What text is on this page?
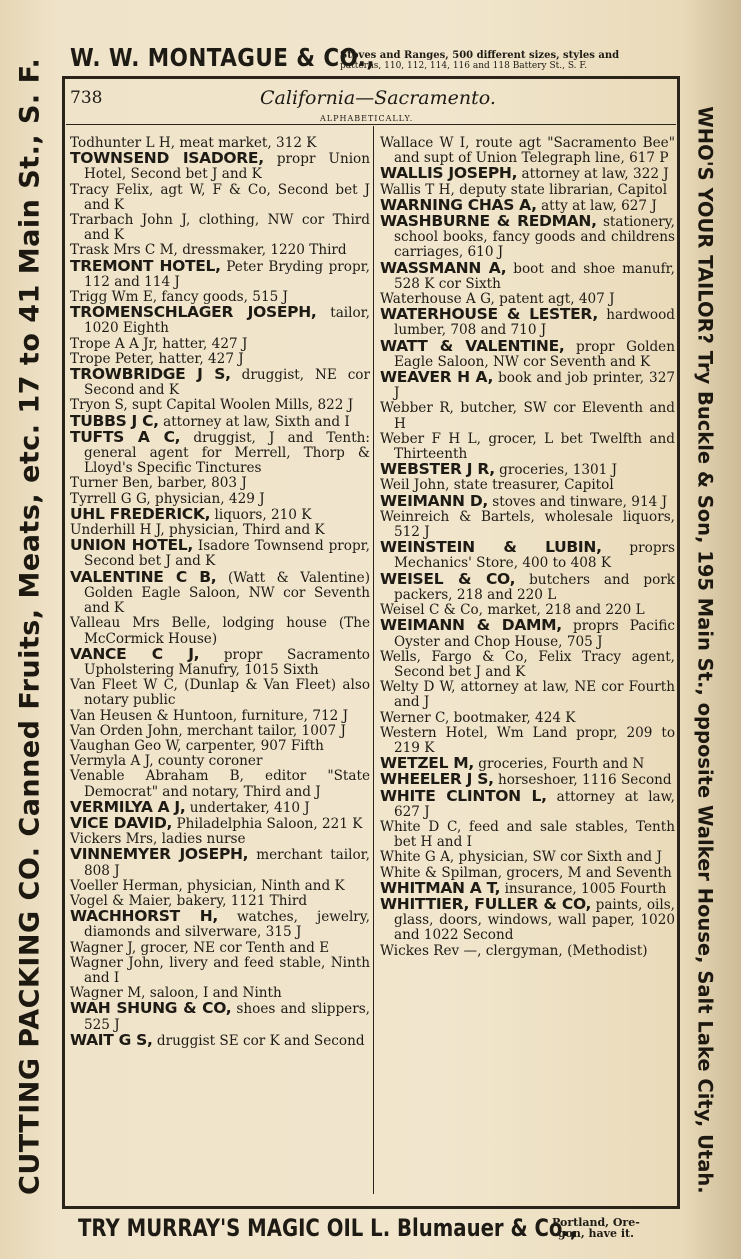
W. W. MONTAGUE & CO.,
Stoves and Ranges, 500 different sizes, styles and
patterns, 110, 112, 114, 116 and 118 Battery St., S. F.
738	California—Sacramento.
ALPHABETICALLY.

Todhunter L H, meat market, 312 K

TOWNSEND ISADORE, propr Union Hotel, Second bet J and K

Tracy Felix, agt W, F & Co, Second bet J and K

Trarbach John J, clothing, NW cor Third and K

Trask Mrs C M, dressmaker, 1220 Third

TREMONT HOTEL, Peter Bryding propr, 112 and 114 J

Trigg Wm E, fancy goods, 515 J

TROMENSCHLAGER JOSEPH, tailor, 1020 Eighth

Trope A A Jr, hatter, 427 J

Trope Peter, hatter, 427 J

TROWBRIDGE J S, druggist, NE cor Second and K

Tryon S, supt Capital Woolen Mills, 822 J

TUBBS J C, attorney at law, Sixth and I

TUFTS A C, druggist, J and Tenth: general agent for Merrell, Thorp & Lloyd's Specific Tinctures

Turner Ben, barber, 803 J

Tyrrell G G, physician, 429 J

UHL FREDERICK, liquors, 210 K

Underhill H J, physician, Third and K

UNION HOTEL, Isadore Townsend propr, Second bet J and K

VALENTINE C B, (Watt & Valentine) Golden Eagle Saloon, NW cor Seventh and K

Valleau Mrs Belle, lodging house (The McCormick House)

VANCE C J, propr Sacramento Upholstering Manufry, 1015 Sixth

Van Fleet W C, (Dunlap & Van Fleet) also notary public

Van Heusen & Huntoon, furniture, 712 J

Van Orden John, merchant tailor, 1007 J

Vaughan Geo W, carpenter, 907 Fifth

Vermyla A J, county coroner

Venable Abraham B, editor "State Democrat" and notary, Third and J

VERMILYA A J, undertaker, 410 J

VICE DAVID, Philadelphia Saloon, 221 K

Vickers Mrs, ladies nurse

VINNEMYER JOSEPH, merchant tailor, 808 J

Voeller Herman, physician, Ninth and K

Vogel & Maier, bakery, 1121 Third

WACHHORST H, watches, jewelry, diamonds and silverware, 315 J

Wagner J, grocer, NE cor Tenth and E

Wagner John, livery and feed stable, Ninth and I

Wagner M, saloon, I and Ninth

WAH SHUNG & CO, shoes and slippers, 525 J

WAIT G S, druggist SE cor K and Second

Wallace W I, route agt "Sacramento Bee" and supt of Union Telegraph line, 617 P

WALLIS JOSEPH, attorney at law, 322 J

Wallis T H, deputy state librarian, Capitol

WARNING CHAS A, atty at law, 627 J

WASHBURNE & REDMAN, stationery, school books, fancy goods and childrens carriages, 610 J

WASSMANN A, boot and shoe manufr, 528 K cor Sixth

Waterhouse A G, patent agt, 407 J

WATERHOUSE & LESTER, hardwood lumber, 708 and 710 J

WATT & VALENTINE, propr Golden Eagle Saloon, NW cor Seventh and K

WEAVER H A, book and job printer, 327 J

Webber R, butcher, SW cor Eleventh and H

Weber F H L, grocer, L bet Twelfth and Thirteenth

WEBSTER J R, groceries, 1301 J

Weil John, state treasurer, Capitol

WEIMANN D, stoves and tinware, 914 J

Weinreich & Bartels, wholesale liquors, 512 J

WEINSTEIN & LUBIN, proprs Mechanics' Store, 400 to 408 K

WEISEL & CO, butchers and pork packers, 218 and 220 L

Weisel C & Co, market, 218 and 220 L

WEIMANN & DAMM, proprs Pacific Oyster and Chop House, 705 J

Wells, Fargo & Co, Felix Tracy agent, Second bet J and K

Welty D W, attorney at law, NE cor Fourth and J

Werner C, bootmaker, 424 K

Western Hotel, Wm Land propr, 209 to 219 K

WETZEL M, groceries, Fourth and N

WHEELER J S, horseshoer, 1116 Second

WHITE CLINTON L, attorney at law, 627 J

White D C, feed and sale stables, Tenth bet H and I

White G A, physician, SW cor Sixth and J

White & Spilman, grocers, M and Seventh

WHITMAN A T, insurance, 1005 Fourth

WHITTIER, FULLER & CO, paints, oils, glass, doors, windows, wall paper, 1020 and 1022 Second

Wickes Rev —, clergyman, (Methodist)

CUTTING PACKING CO. Canned Fruits, Meats, etc. 17 to 41 Main St., S. F.	WHO'S YOUR TAILOR? Try Buckle & Son, 195 Main St., opposite Walker House, Salt Lake City, Utah.
TRY MURRAY'S MAGIC OIL L. Blumauer & Co.,
Portland, Ore-
gon, have it.
